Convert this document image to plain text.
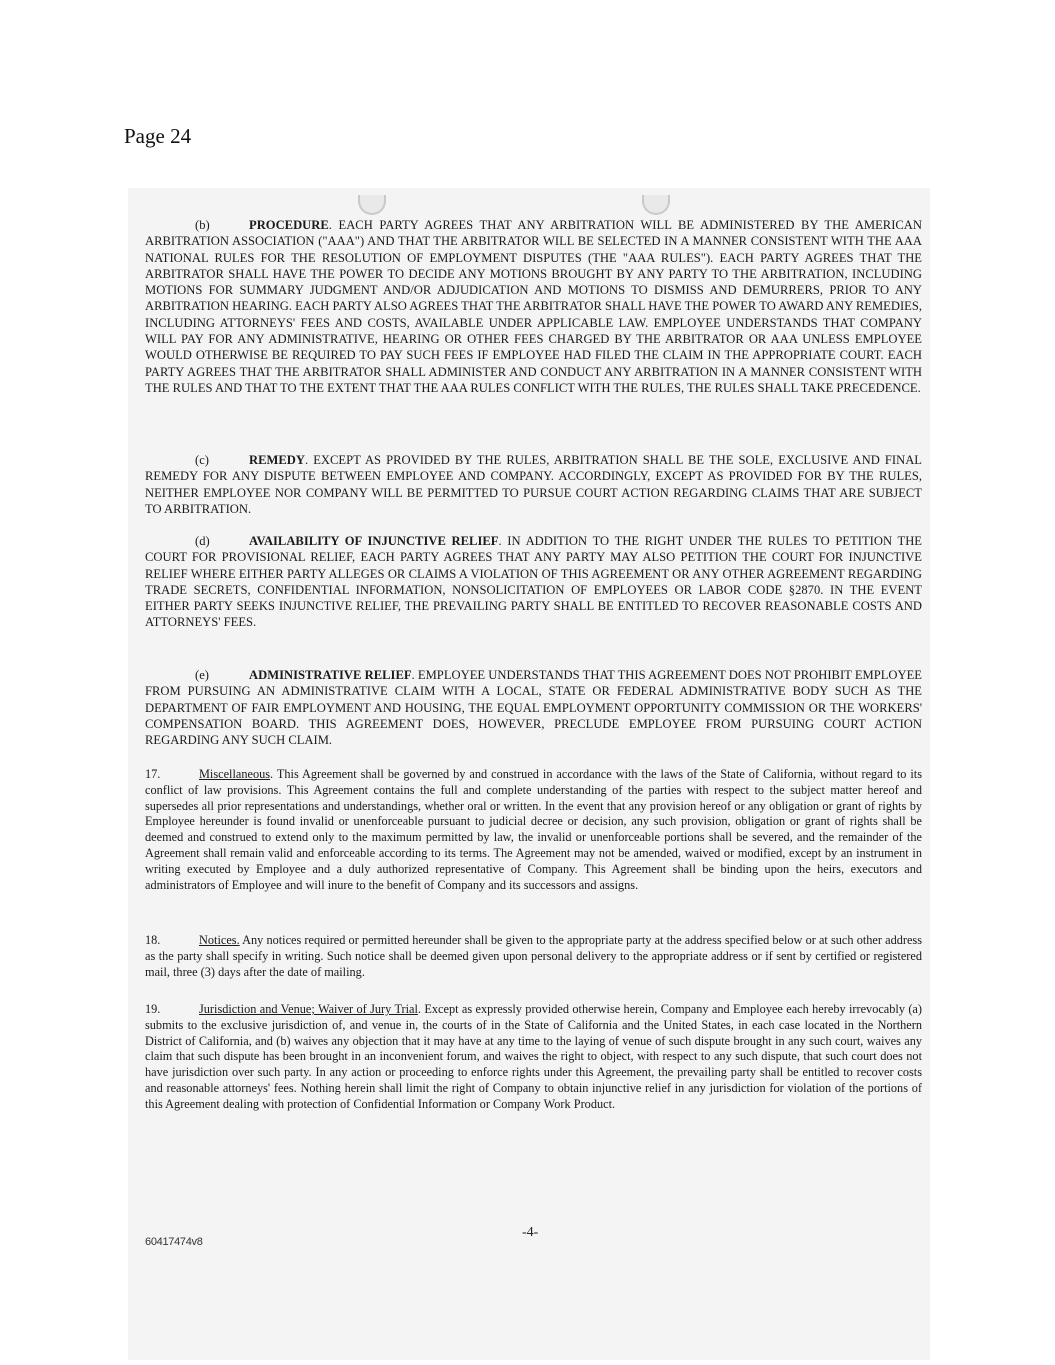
Page 24

(b)	PROCEDURE. EACH PARTY AGREES THAT ANY ARBITRATION WILL BE ADMINISTERED BY THE AMERICAN ARBITRATION ASSOCIATION ("AAA") AND THAT THE ARBITRATOR WILL BE SELECTED IN A MANNER CONSISTENT WITH THE AAA NATIONAL RULES FOR THE RESOLUTION OF EMPLOYMENT DISPUTES (THE "AAA RULES"). EACH PARTY AGREES THAT THE ARBITRATOR SHALL HAVE THE POWER TO DECIDE ANY MOTIONS BROUGHT BY ANY PARTY TO THE ARBITRATION, INCLUDING MOTIONS FOR SUMMARY JUDGMENT AND/OR ADJUDICATION AND MOTIONS TO DISMISS AND DEMURRERS, PRIOR TO ANY ARBITRATION HEARING. EACH PARTY ALSO AGREES THAT THE ARBITRATOR SHALL HAVE THE POWER TO AWARD ANY REMEDIES, INCLUDING ATTORNEYS' FEES AND COSTS, AVAILABLE UNDER APPLICABLE LAW. EMPLOYEE UNDERSTANDS THAT COMPANY WILL PAY FOR ANY ADMINISTRATIVE, HEARING OR OTHER FEES CHARGED BY THE ARBITRATOR OR AAA UNLESS EMPLOYEE WOULD OTHERWISE BE REQUIRED TO PAY SUCH FEES IF EMPLOYEE HAD FILED THE CLAIM IN THE APPROPRIATE COURT. EACH PARTY AGREES THAT THE ARBITRATOR SHALL ADMINISTER AND CONDUCT ANY ARBITRATION IN A MANNER CONSISTENT WITH THE RULES AND THAT TO THE EXTENT THAT THE AAA RULES CONFLICT WITH THE RULES, THE RULES SHALL TAKE PRECEDENCE.

(c)	REMEDY. EXCEPT AS PROVIDED BY THE RULES, ARBITRATION SHALL BE THE SOLE, EXCLUSIVE AND FINAL REMEDY FOR ANY DISPUTE BETWEEN EMPLOYEE AND COMPANY. ACCORDINGLY, EXCEPT AS PROVIDED FOR BY THE RULES, NEITHER EMPLOYEE NOR COMPANY WILL BE PERMITTED TO PURSUE COURT ACTION REGARDING CLAIMS THAT ARE SUBJECT TO ARBITRATION.

(d)	AVAILABILITY OF INJUNCTIVE RELIEF. IN ADDITION TO THE RIGHT UNDER THE RULES TO PETITION THE COURT FOR PROVISIONAL RELIEF, EACH PARTY AGREES THAT ANY PARTY MAY ALSO PETITION THE COURT FOR INJUNCTIVE RELIEF WHERE EITHER PARTY ALLEGES OR CLAIMS A VIOLATION OF THIS AGREEMENT OR ANY OTHER AGREEMENT REGARDING TRADE SECRETS, CONFIDENTIAL INFORMATION, NONSOLICITATION OF EMPLOYEES OR LABOR CODE §2870. IN THE EVENT EITHER PARTY SEEKS INJUNCTIVE RELIEF, THE PREVAILING PARTY SHALL BE ENTITLED TO RECOVER REASONABLE COSTS AND ATTORNEYS' FEES.

(e)	ADMINISTRATIVE RELIEF. EMPLOYEE UNDERSTANDS THAT THIS AGREEMENT DOES NOT PROHIBIT EMPLOYEE FROM PURSUING AN ADMINISTRATIVE CLAIM WITH A LOCAL, STATE OR FEDERAL ADMINISTRATIVE BODY SUCH AS THE DEPARTMENT OF FAIR EMPLOYMENT AND HOUSING, THE EQUAL EMPLOYMENT OPPORTUNITY COMMISSION OR THE WORKERS' COMPENSATION BOARD. THIS AGREEMENT DOES, HOWEVER, PRECLUDE EMPLOYEE FROM PURSUING COURT ACTION REGARDING ANY SUCH CLAIM.

17.	Miscellaneous. This Agreement shall be governed by and construed in accordance with the laws of the State of California, without regard to its conflict of law provisions. This Agreement contains the full and complete understanding of the parties with respect to the subject matter hereof and supersedes all prior representations and understandings, whether oral or written. In the event that any provision hereof or any obligation or grant of rights by Employee hereunder is found invalid or unenforceable pursuant to judicial decree or decision, any such provision, obligation or grant of rights shall be deemed and construed to extend only to the maximum permitted by law, the invalid or unenforceable portions shall be severed, and the remainder of the Agreement shall remain valid and enforceable according to its terms. The Agreement may not be amended, waived or modified, except by an instrument in writing executed by Employee and a duly authorized representative of Company. This Agreement shall be binding upon the heirs, executors and administrators of Employee and will inure to the benefit of Company and its successors and assigns.

18.	Notices. Any notices required or permitted hereunder shall be given to the appropriate party at the address specified below or at such other address as the party shall specify in writing. Such notice shall be deemed given upon personal delivery to the appropriate address or if sent by certified or registered mail, three (3) days after the date of mailing.

19.	Jurisdiction and Venue; Waiver of Jury Trial. Except as expressly provided otherwise herein, Company and Employee each hereby irrevocably (a) submits to the exclusive jurisdiction of, and venue in, the courts of in the State of California and the United States, in each case located in the Northern District of California, and (b) waives any objection that it may have at any time to the laying of venue of such dispute brought in any such court, waives any claim that such dispute has been brought in an inconvenient forum, and waives the right to object, with respect to any such dispute, that such court does not have jurisdiction over such party. In any action or proceeding to enforce rights under this Agreement, the prevailing party shall be entitled to recover costs and reasonable attorneys' fees. Nothing herein shall limit the right of Company to obtain injunctive relief in any jurisdiction for violation of the portions of this Agreement dealing with protection of Confidential Information or Company Work Product.

-4-
60417474v8
